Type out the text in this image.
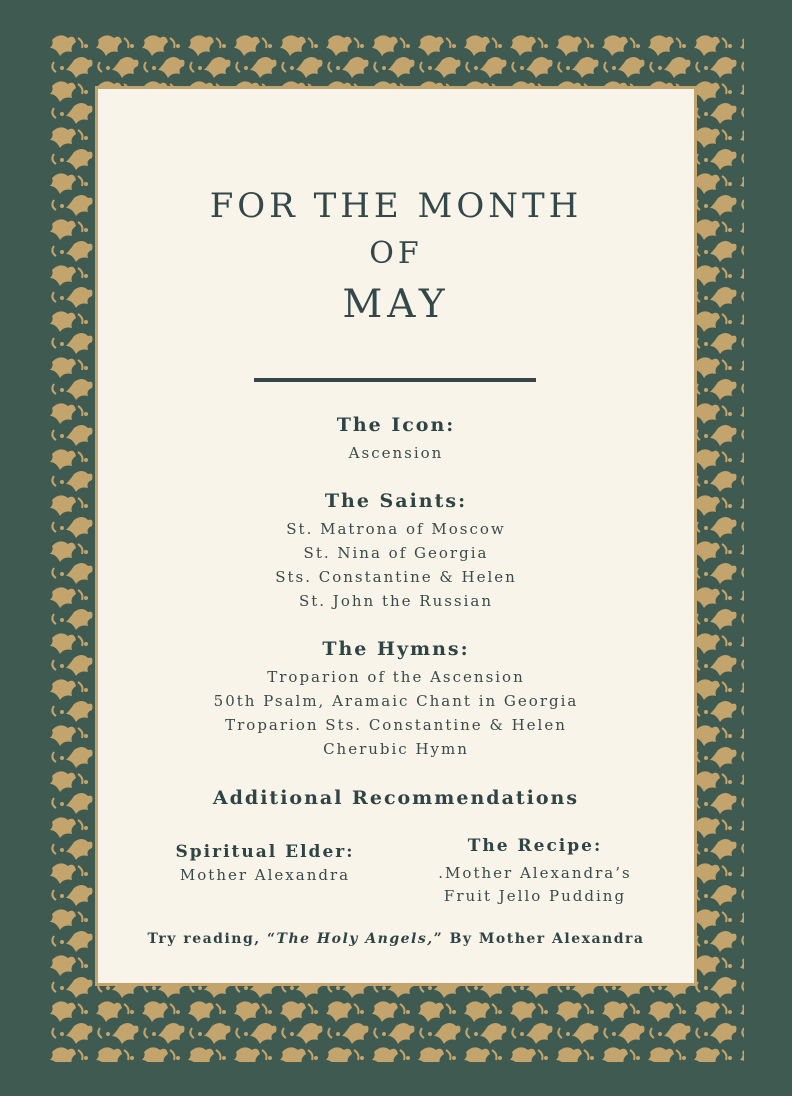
FOR THE MONTH
OF
MAY
The Icon:
Ascension
The Saints:
St. Matrona of Moscow
St. Nina of Georgia
Sts. Constantine & Helen
St. John the Russian
The Hymns:
Troparion of the Ascension
50th Psalm, Aramaic Chant in Georgia
Troparion Sts. Constantine & Helen
Cherubic Hymn
Additional Recommendations
Spiritual Elder:
Mother Alexandra
The Recipe:
.Mother Alexandra’s
Fruit Jello Pudding
Try reading, “The Holy Angels,” By Mother Alexandra
